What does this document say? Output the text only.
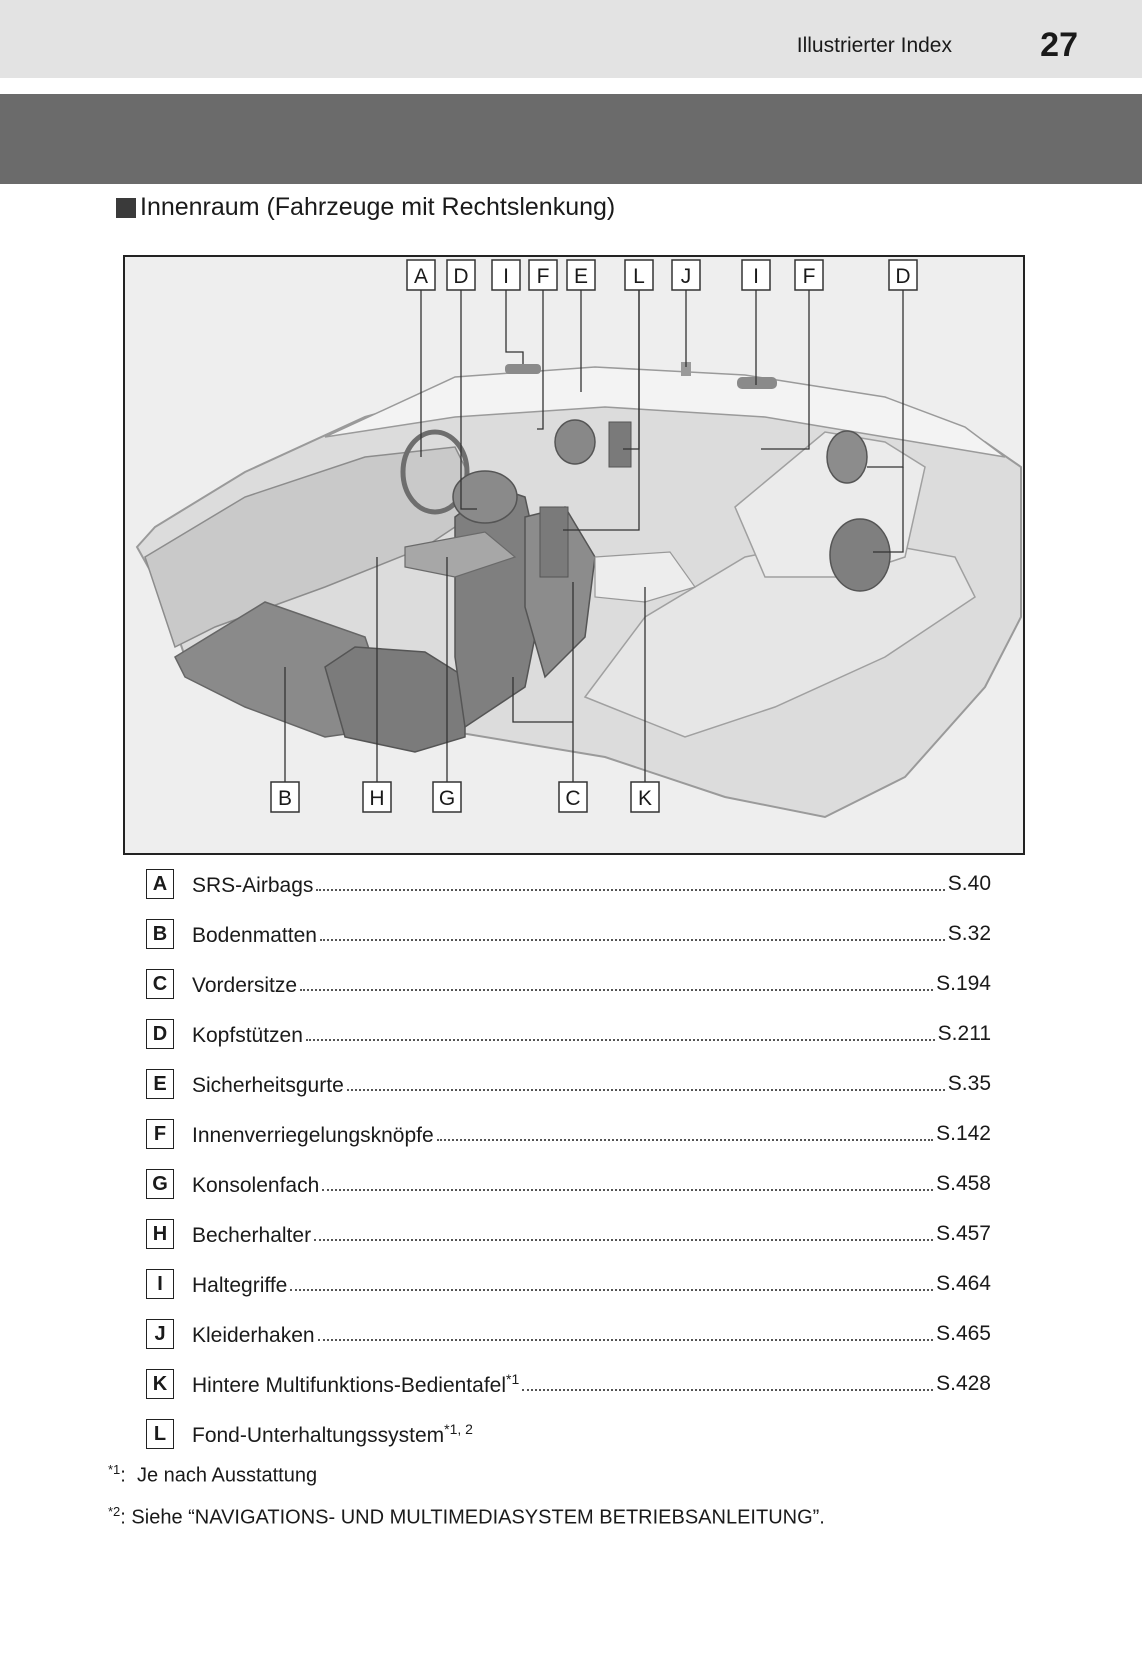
Illustrierter Index	27
Innenraum (Fahrzeuge mit Rechtslenkung)
A D I F E L J	I F	D
B	H	G	C	K
A	SRS-Airbags	S.40
B	Bodenmatten	S.32
C	Vordersitze	S.194
D	Kopfstützen	S.211
E	Sicherheitsgurte	S.35
F	Innenverriegelungsknöpfe	S.142
G Konsolenfach	S.458
H	Becherhalter	S.457
I	Haltegriffe	S.464
J	Kleiderhaken	S.465
K	Hintere Multifunktions-Bedientafel$^{*1}$	S.428
L	Fond-Unterhaltungssystem$^{*1, 2}$
$^{*1}$: Je nach Ausstattung
$^{*2}$: Siehe “NAVIGATIONS- UND MULTIMEDIASYSTEM BETRIEBSANLEITUNG”.
